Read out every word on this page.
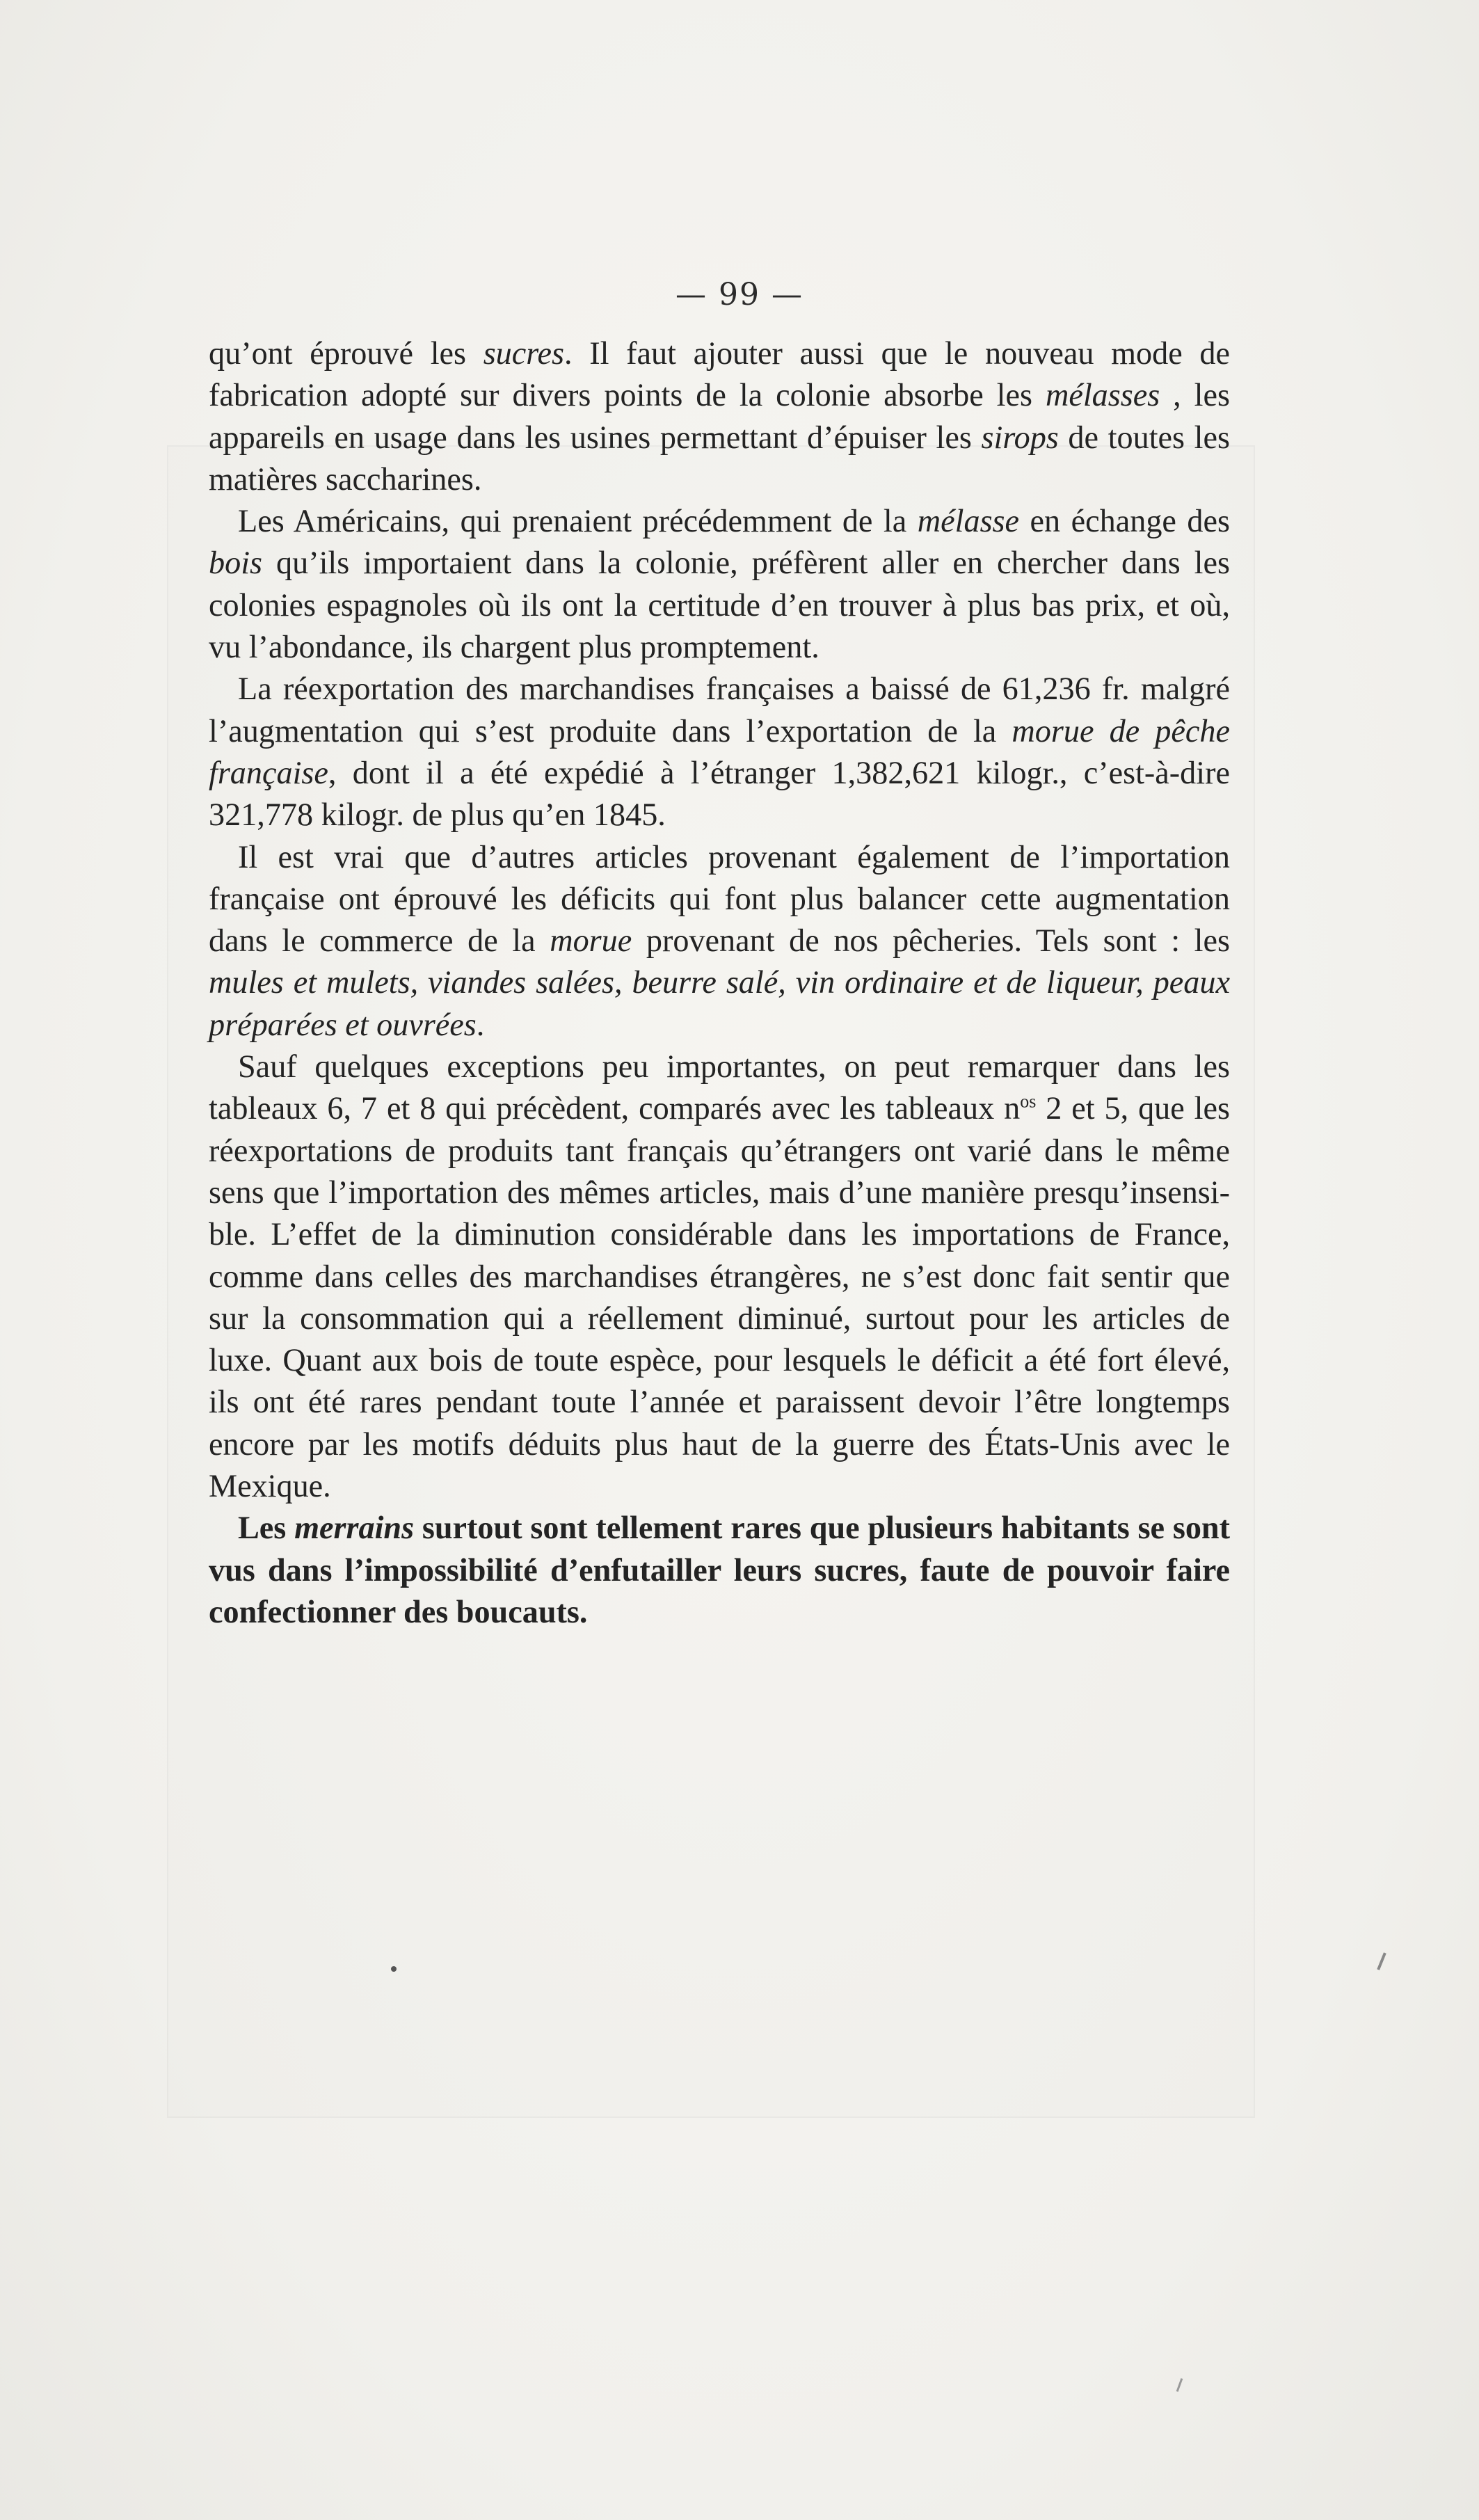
— 99 —

qu’ont éprouvé les sucres. Il faut ajouter aussi que le nouveau mode de fabrication adopté sur divers points de la colonie absorbe les mélasses , les appareils en usage dans les usines permettant d’épuiser les sirops de toutes les matières saccharines.

Les Américains, qui prenaient précédemment de la mélasse en échange des bois qu’ils importaient dans la colonie, préfèrent aller en chercher dans les colonies espagnoles où ils ont la certitude d’en trouver à plus bas prix, et où, vu l’abondance, ils chargent plus promptement.

La réexportation des marchandises françaises a baissé de 61,236 fr. malgré l’augmentation qui s’est produite dans l’exportation de la morue de pêche française, dont il a été expédié à l’étranger 1,382,621 kilogr., c’est-à-dire 321,778 kilogr. de plus qu’en 1845.

Il est vrai que d’autres articles provenant également de l’importation française ont éprouvé les déficits qui font plus balancer cette augmentation dans le commerce de la morue provenant de nos pêcheries. Tels sont : les mules et mulets, viandes salées, beurre salé, vin ordinaire et de liqueur, peaux préparées et ouvrées.

Sauf quelques exceptions peu importantes, on peut remarquer dans les tableaux 6, 7 et 8 qui précèdent, comparés avec les tableaux $n^{os}$ 2 et 5, que les réexportations de produits tant français qu’étrangers ont varié dans le même sens que l’importation des mêmes articles, mais d’une manière presqu’insensible. L’effet de la diminution considérable dans les importations de France, comme dans celles des marchandises étrangères, ne s’est donc fait sentir que sur la consommation qui a réellement diminué, surtout pour les articles de luxe. Quant aux bois de toute espèce, pour lesquels le déficit a été fort élevé, ils ont été rares pendant toute l’année et paraissent devoir l’être longtemps encore par les motifs déduits plus haut de la guerre des États-Unis avec le Mexique.

Les merrains surtout sont tellement rares que plusieurs habitants se sont vus dans l’impossibilité d’enfutailler leurs sucres, faute de pouvoir faire confectionner des boucauts.
